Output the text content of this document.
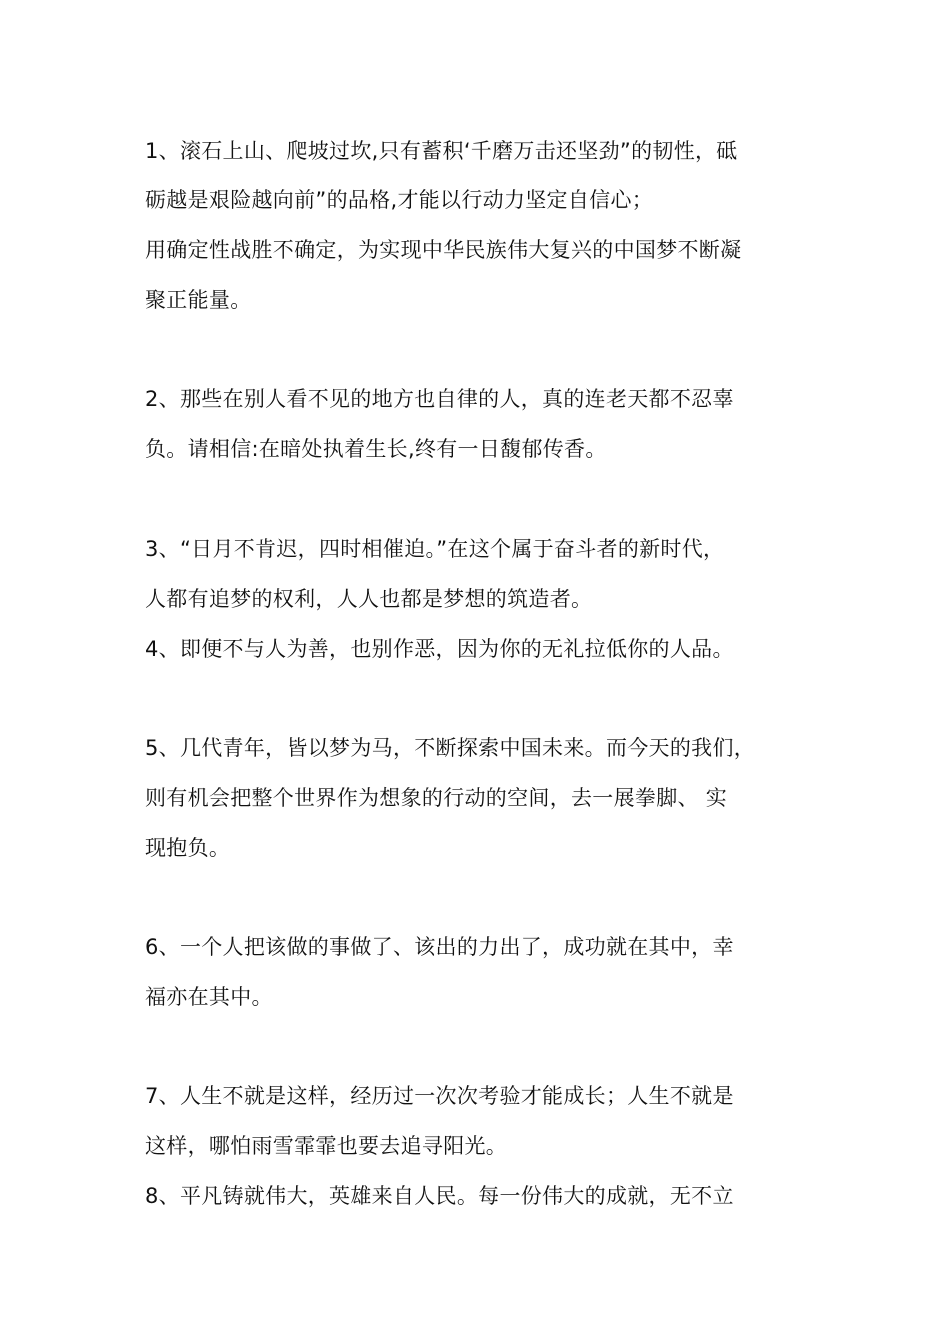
1、滚石上山、爬坡过坎,只有蓄积‘千磨万击还坚劲”的韧性，砥
砺越是艰险越向前”的品格,才能以行动力坚定自信心；
用确定性战胜不确定，为实现中华民族伟大复兴的中国梦不断凝
聚正能量。
2、那些在别人看不见的地方也自律的人，真的连老天都不忍辜
负。请相信:在暗处执着生长,终有一日馥郁传香。
3、“日月不肯迟，四时相催迫。”在这个属于奋斗者的新时代，
人都有追梦的权利，人人也都是梦想的筑造者。
4、即便不与人为善，也别作恶，因为你的无礼拉低你的人品。
5、几代青年，皆以梦为马，不断探索中国未来。而今天的我们，
则有机会把整个世界作为想象的行动的空间，去一展拳脚、 实
现抱负。
6、一个人把该做的事做了、该出的力出了，成功就在其中，幸
福亦在其中。
7、人生不就是这样，经历过一次次考验才能成长；人生不就是
这样，哪怕雨雪霏霏也要去追寻阳光。
8、平凡铸就伟大，英雄来自人民。每一份伟大的成就，无不立
